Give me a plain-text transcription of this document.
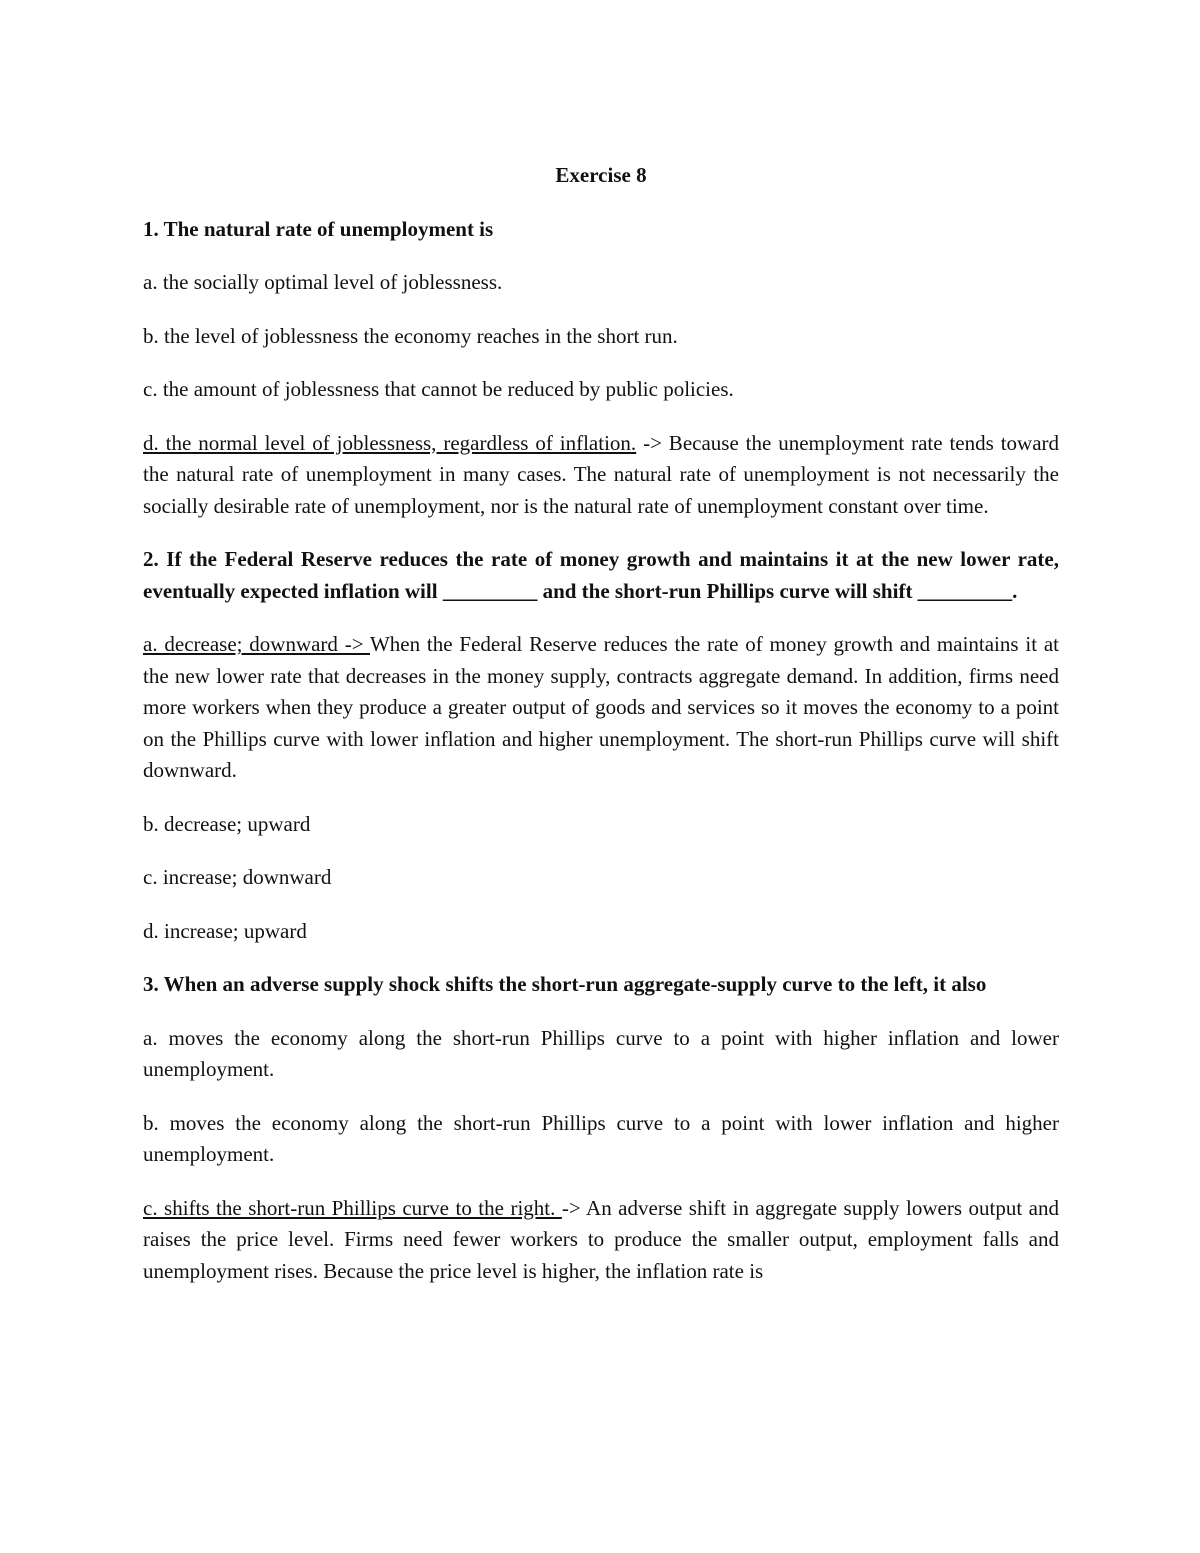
Exercise 8
1. The natural rate of unemployment is
a. the socially optimal level of joblessness.
b. the level of joblessness the economy reaches in the short run.
c. the amount of joblessness that cannot be reduced by public policies.
d. the normal level of joblessness, regardless of inflation. -> Because the unemployment rate tends toward the natural rate of unemployment in many cases. The natural rate of unemployment is not necessarily the socially desirable rate of unemployment, nor is the natural rate of unemployment constant over time.
2. If the Federal Reserve reduces the rate of money growth and maintains it at the new lower rate, eventually expected inflation will _________ and the short-run Phillips curve will shift _________.
a. decrease; downward -> When the Federal Reserve reduces the rate of money growth and maintains it at the new lower rate that decreases in the money supply, contracts aggregate demand. In addition, firms need more workers when they produce a greater output of goods and services so it moves the economy to a point on the Phillips curve with lower inflation and higher unemployment. The short-run Phillips curve will shift downward.
b. decrease; upward
c. increase; downward
d. increase; upward
3. When an adverse supply shock shifts the short-run aggregate-supply curve to the left, it also
a. moves the economy along the short-run Phillips curve to a point with higher inflation and lower unemployment.
b. moves the economy along the short-run Phillips curve to a point with lower inflation and higher unemployment.
c. shifts the short-run Phillips curve to the right. -> An adverse shift in aggregate supply lowers output and raises the price level. Firms need fewer workers to produce the smaller output, employment falls and unemployment rises. Because the price level is higher, the inflation rate is
